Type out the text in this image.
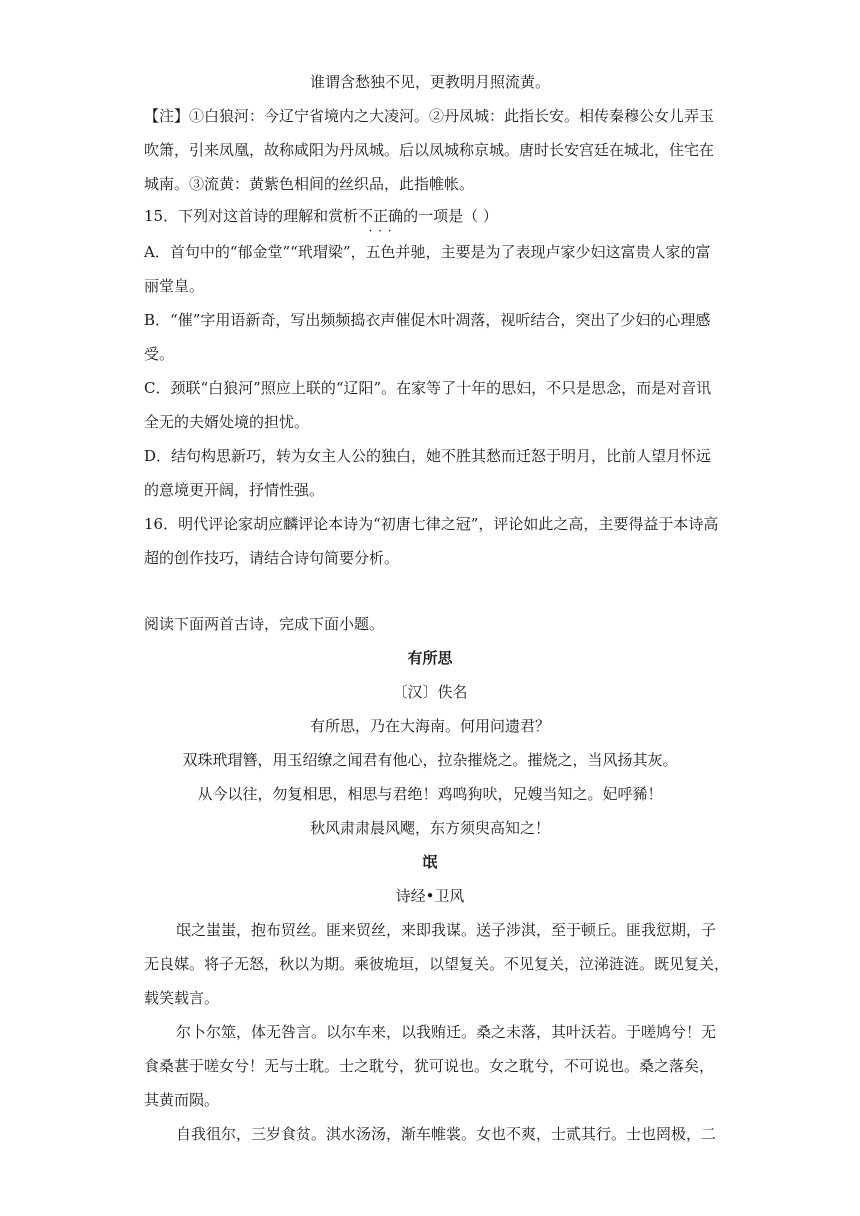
谁谓含愁独不见，更教明月照流黄。
【注】①白狼河：今辽宁省境内之大凌河。②丹凤城：此指长安。相传秦穆公女儿弄玉
吹箫，引来凤凰，故称咸阳为丹凤城。后以凤城称京城。唐时长安宫廷在城北，住宅在
城南。③流黄：黄紫色相间的丝织品，此指帷帐。
15．下列对这首诗的理解和赏析不正确 · · ·的一项是（ ）
A．首句中的“郁金堂”“玳瑁梁”，五色并驰，主要是为了表现卢家少妇这富贵人家的富
丽堂皇。
B．“催”字用语新奇，写出频频捣衣声催促木叶凋落，视听结合，突出了少妇的心理感
受。
C．颈联“白狼河”照应上联的“辽阳”。在家等了十年的思妇，不只是思念，而是对音讯
全无的夫婿处境的担忧。
D．结句构思新巧，转为女主人公的独白，她不胜其愁而迁怒于明月，比前人望月怀远
的意境更开阔，抒情性强。
16．明代评论家胡应麟评论本诗为“初唐七律之冠”，评论如此之高，主要得益于本诗高
超的创作技巧，请结合诗句简要分析。
阅读下面两首古诗，完成下面小题。
有所思
〔汉〕佚名
有所思，乃在大海南。何用问遗君？
双珠玳瑁簪，用玉绍缭之闻君有他心，拉杂摧烧之。摧烧之，当风扬其灰。
从今以往，勿复相思，相思与君绝！鸡鸣狗吠，兄嫂当知之。妃呼豨！
秋风肃肃晨风飔，东方须臾高知之！
氓
诗经•卫风
氓之蚩蚩，抱布贸丝。匪来贸丝，来即我谋。送子涉淇，至于顿丘。匪我愆期，子
无良媒。将子无怒，秋以为期。乘彼垝垣，以望复关。不见复关，泣涕涟涟。既见复关，
载笑载言。
尔卜尔筮，体无咎言。以尔车来，以我贿迁。桑之未落，其叶沃若。于嗟鸠兮！无
食桑葚于嗟女兮！无与士耽。士之耽兮，犹可说也。女之耽兮，不可说也。桑之落矣，
其黄而陨。
自我徂尔，三岁食贫。淇水汤汤，渐车帷裳。女也不爽，士贰其行。士也罔极，二
